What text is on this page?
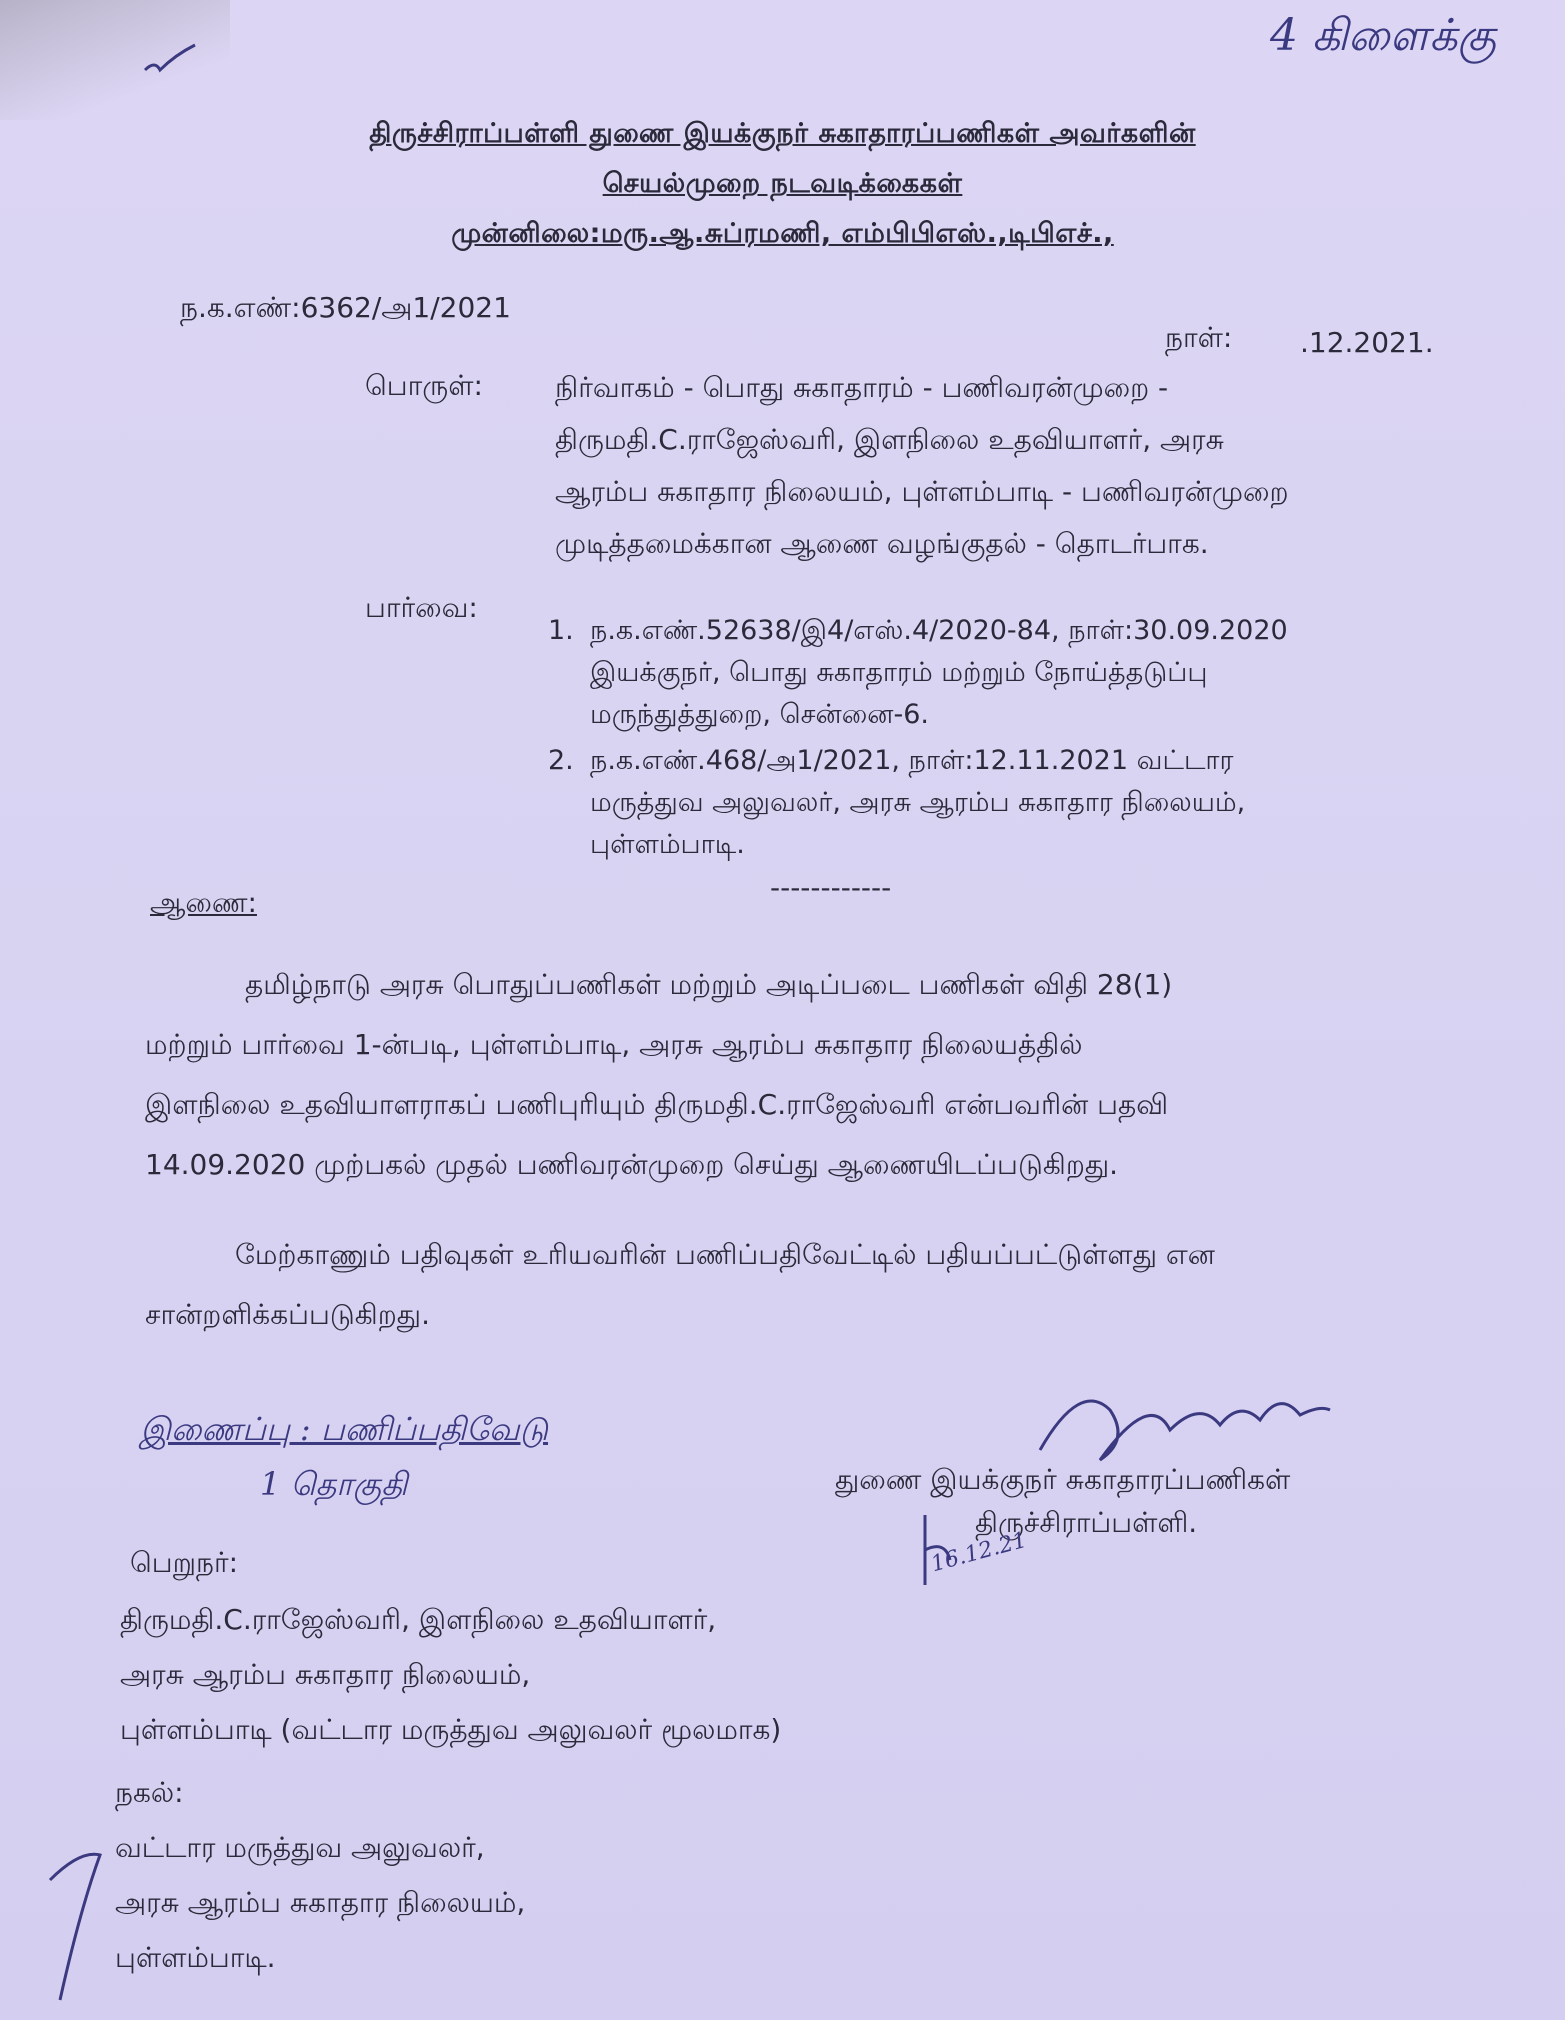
4 கிளைக்கு
திருச்சிராப்பள்ளி துணை இயக்குநர் சுகாதாரப்பணிகள் அவர்களின்
செயல்முறை நடவடிக்கைகள்
முன்னிலை:மரு.ஆ.சுப்ரமணி, எம்பிபிஎஸ்.,டிபிஎச்.,
ந.க.எண்:6362/அ1/2021
நாள்: .12.2021.
பொருள்:	நிர்வாகம் - பொது சுகாதாரம் - பணிவரன்முறை -
திருமதி.C.ராஜேஸ்வரி, இளநிலை உதவியாளர், அரசு
ஆரம்ப சுகாதார நிலையம், புள்ளம்பாடி - பணிவரன்முறை
முடித்தமைக்கான ஆணை வழங்குதல் - தொடர்பாக.
பார்வை:
1. ந.க.எண்.52638/இ4/எஸ்.4/2020-84, நாள்:30.09.2020
இயக்குநர், பொது சுகாதாரம் மற்றும் நோய்த்தடுப்பு
மருந்துத்துறை, சென்னை-6.
2. ந.க.எண்.468/அ1/2021, நாள்:12.11.2021 வட்டார
மருத்துவ அலுவலர், அரசு ஆரம்ப சுகாதார நிலையம்,
புள்ளம்பாடி.
------------
ஆணை:
தமிழ்நாடு அரசு பொதுப்பணிகள் மற்றும் அடிப்படை பணிகள் விதி 28(1)
மற்றும் பார்வை 1-ன்படி, புள்ளம்பாடி, அரசு ஆரம்ப சுகாதார நிலையத்தில்
இளநிலை உதவியாளராகப் பணிபுரியும் திருமதி.C.ராஜேஸ்வரி என்பவரின் பதவி
14.09.2020 முற்பகல் முதல் பணிவரன்முறை செய்து ஆணையிடப்படுகிறது.
மேற்காணும் பதிவுகள் உரியவரின் பணிப்பதிவேட்டில் பதியப்பட்டுள்ளது என
சான்றளிக்கப்படுகிறது.
இணைப்பு : பணிப்பதிவேடு
1 தொகுதி	துணை இயக்குநர் சுகாதாரப்பணிகள்
திருச்சிராப்பள்ளி.
16.12.21
பெறுநர்:
திருமதி.C.ராஜேஸ்வரி, இளநிலை உதவியாளர்,
அரசு ஆரம்ப சுகாதார நிலையம்,
புள்ளம்பாடி (வட்டார மருத்துவ அலுவலர் மூலமாக)
நகல்:
வட்டார மருத்துவ அலுவலர்,
அரசு ஆரம்ப சுகாதார நிலையம்,
புள்ளம்பாடி.
